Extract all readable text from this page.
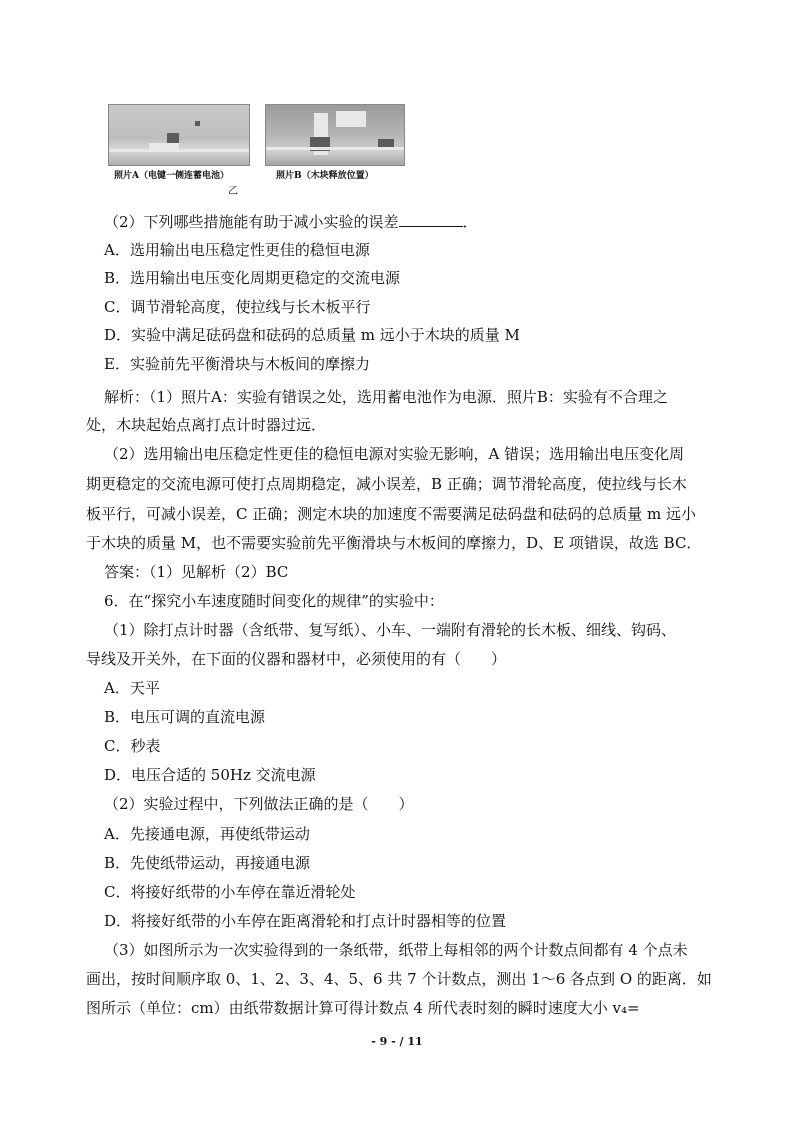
照片A（电键一侧连蓄电池）	照片B（木块释放位置）
乙
（2）下列哪些措施能有助于减小实验的误差	．
A．选用输出电压稳定性更佳的稳恒电源
B．选用输出电压变化周期更稳定的交流电源
C．调节滑轮高度，使拉线与长木板平行
D．实验中满足砝码盘和砝码的总质量 m 远小于木块的质量 M
E．实验前先平衡滑块与木板间的摩擦力
解析：（1）照片A：实验有错误之处，选用蓄电池作为电源．照片B：实验有不合理之
处，木块起始点离打点计时器过远．
（2）选用输出电压稳定性更佳的稳恒电源对实验无影响，A 错误；选用输出电压变化周
期更稳定的交流电源可使打点周期稳定，减小误差，B 正确；调节滑轮高度，使拉线与长木
板平行，可减小误差，C 正确；测定木块的加速度不需要满足砝码盘和砝码的总质量 m 远小
于木块的质量 M，也不需要实验前先平衡滑块与木板间的摩擦力，D、E 项错误，故选 BC．
答案：（1）见解析（2）BC
6．在“探究小车速度随时间变化的规律”的实验中：
（1）除打点计时器（含纸带、复写纸）、小车、一端附有滑轮的长木板、细线、钩码、
导线及开关外，在下面的仪器和器材中，必须使用的有（　　）
A．天平
B．电压可调的直流电源
C．秒表
D．电压合适的 50Hz 交流电源
（2）实验过程中，下列做法正确的是（　　）
A．先接通电源，再使纸带运动
B．先使纸带运动，再接通电源
C．将接好纸带的小车停在靠近滑轮处
D．将接好纸带的小车停在距离滑轮和打点计时器相等的位置
（3）如图所示为一次实验得到的一条纸带，纸带上每相邻的两个计数点间都有 4 个点未
画出，按时间顺序取 0、1、2、3、4、5、6 共 7 个计数点，测出 1～6 各点到 O 的距离．如
图所示（单位：cm）由纸带数据计算可得计数点 4 所代表时刻的瞬时速度大小 v₄=
- 9 - / 11
